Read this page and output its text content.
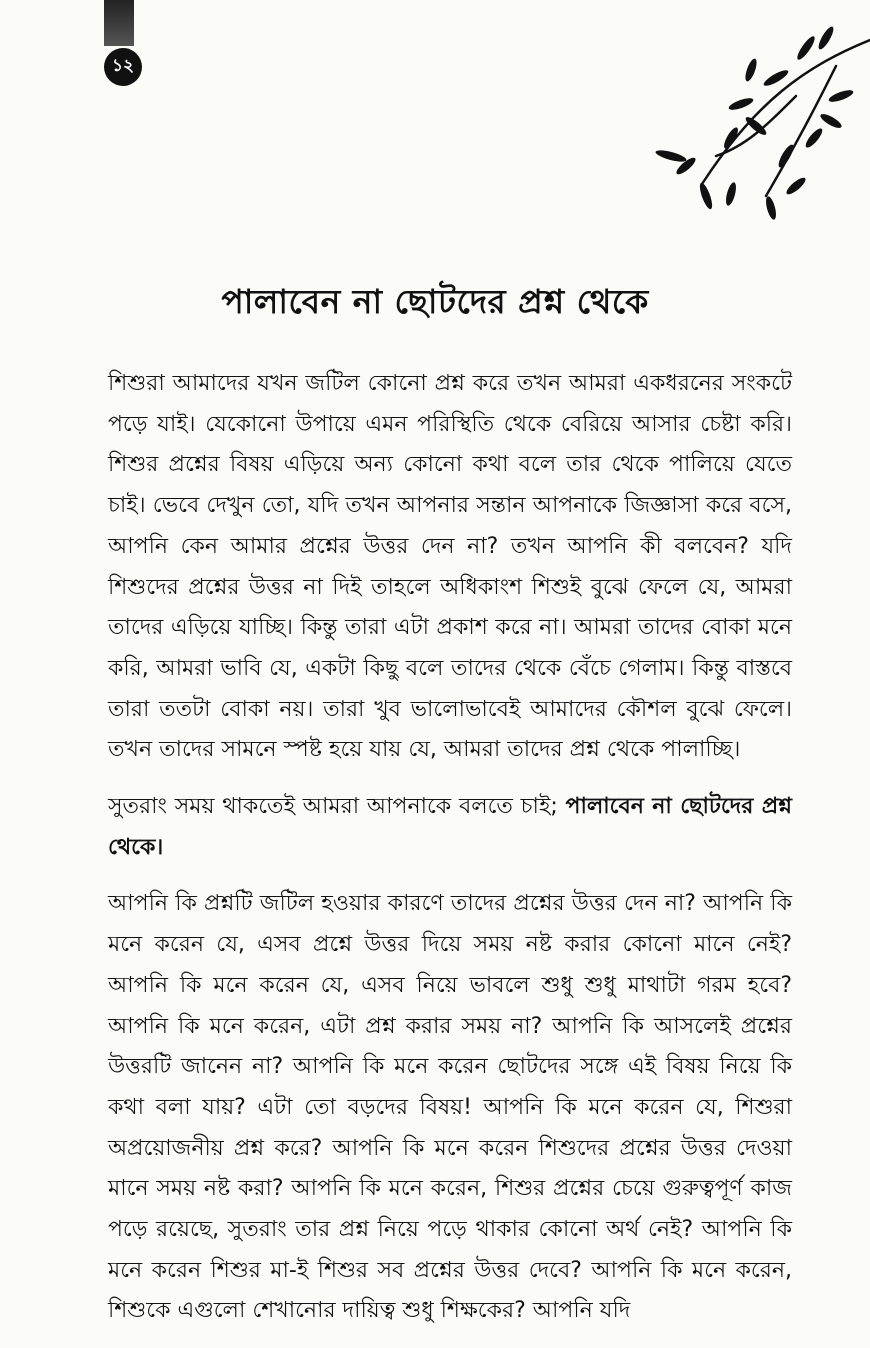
১২
পালাবেন না ছোটদের প্রশ্ন থেকে

শিশুরা আমাদের যখন জটিল কোনো প্রশ্ন করে তখন আমরা একধরনের সংকটে পড়ে যাই। যেকোনো উপায়ে এমন পরিস্থিতি থেকে বেরিয়ে আসার চেষ্টা করি। শিশুর প্রশ্নের বিষয় এড়িয়ে অন্য কোনো কথা বলে তার থেকে পালিয়ে যেতে চাই। ভেবে দেখুন তো, যদি তখন আপনার সন্তান আপনাকে জিজ্ঞাসা করে বসে, আপনি কেন আমার প্রশ্নের উত্তর দেন না? তখন আপনি কী বলবেন? যদি শিশুদের প্রশ্নের উত্তর না দিই তাহলে অধিকাংশ শিশুই বুঝে ফেলে যে, আমরা তাদের এড়িয়ে যাচ্ছি। কিন্তু তারা এটা প্রকাশ করে না। আমরা তাদের বোকা মনে করি, আমরা ভাবি যে, একটা কিছু বলে তাদের থেকে বেঁচে গেলাম। কিন্তু বাস্তবে তারা ততটা বোকা নয়। তারা খুব ভালোভাবেই আমাদের কৌশল বুঝে ফেলে। তখন তাদের সামনে স্পষ্ট হয়ে যায় যে, আমরা তাদের প্রশ্ন থেকে পালাচ্ছি।

সুতরাং সময় থাকতেই আমরা আপনাকে বলতে চাই; পালাবেন না ছোটদের প্রশ্ন থেকে।

আপনি কি প্রশ্নটি জটিল হওয়ার কারণে তাদের প্রশ্নের উত্তর দেন না? আপনি কি মনে করেন যে, এসব প্রশ্নে উত্তর দিয়ে সময় নষ্ট করার কোনো মানে নেই? আপনি কি মনে করেন যে, এসব নিয়ে ভাবলে শুধু শুধু মাথাটা গরম হবে? আপনি কি মনে করেন, এটা প্রশ্ন করার সময় না? আপনি কি আসলেই প্রশ্নের উত্তরটি জানেন না? আপনি কি মনে করেন ছোটদের সঙ্গে এই বিষয় নিয়ে কি কথা বলা যায়? এটা তো বড়দের বিষয়! আপনি কি মনে করেন যে, শিশুরা অপ্রয়োজনীয় প্রশ্ন করে? আপনি কি মনে করেন শিশুদের প্রশ্নের উত্তর দেওয়া মানে সময় নষ্ট করা? আপনি কি মনে করেন, শিশুর প্রশ্নের চেয়ে গুরুত্বপূর্ণ কাজ পড়ে রয়েছে, সুতরাং তার প্রশ্ন নিয়ে পড়ে থাকার কোনো অর্থ নেই? আপনি কি মনে করেন শিশুর মা-ই শিশুর সব প্রশ্নের উত্তর দেবে? আপনি কি মনে করেন, শিশুকে এগুলো শেখানোর দায়িত্ব শুধু শিক্ষকের? আপনি যদি
